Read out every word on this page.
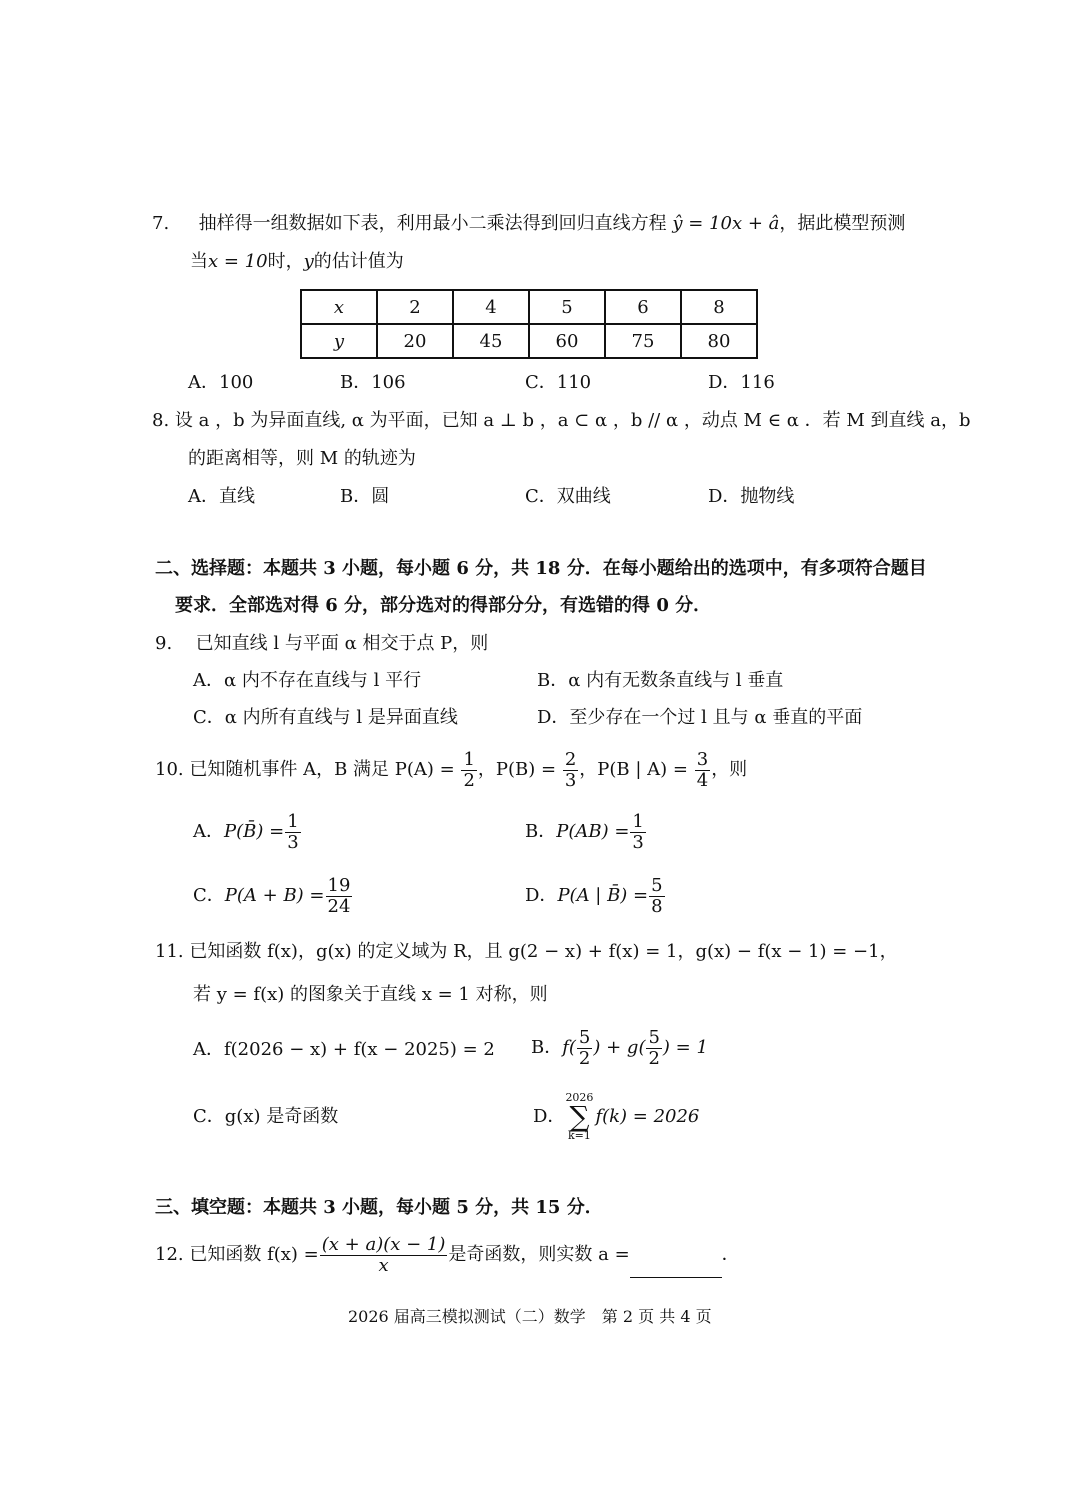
7. 抽样得一组数据如下表，利用最小二乘法得到回归直线方程 ŷ = 10x + â，据此模型预测
当x = 10时，y的估计值为
x	2	4	5	6	8
y	20	45	60	75	80
A．100	B．106	C．110	D．116
8. 设 a ，b 为异面直线, α 为平面，已知 a ⊥ b ，a ⊂ α ，b // α ，动点 M ∈ α ．若 M 到直线 a，b
的距离相等，则 M 的轨迹为
A．直线	B．圆	C．双曲线	D．抛物线
二、选择题：本题共 3 小题，每小题 6 分，共 18 分．在每小题给出的选项中，有多项符合题目
要求．全部选对得 6 分，部分选对的得部分分，有选错的得 0 分．
9. 已知直线 l 与平面 α 相交于点 P，则
A．α 内不存在直线与 l 平行	B．α 内有无数条直线与 l 垂直
C．α 内所有直线与 l 是异面直线	D．至少存在一个过 l 且与 α 垂直的平面
10. 已知随机事件 A，B 满足 $P(A) = \frac{1}{2}$ ，$P(B) = \frac{2}{3}$ ，P(B | $A) = \frac{3}{4}$ ，则
A．P(B̄) = $\frac{1}{3}$	B．$P(AB) = \frac{1}{3}$
C．$P(A + B) = \frac{19}{24}$	D．P(A | B̄) = $\frac{5}{8}$
11. 已知函数 f(x)，g(x) 的定义域为 R，且 g(2 − x) + f(x) = 1，g(x) − f(x − 1) = −1，
若 y = f(x) 的图象关于直线 x = 1 对称，则
A．f(2026 − x) + f(x − 2025) = 2 B．$f( \frac{5}{2}$ ) + $g( \frac{5}{2}$ ) = 1
C．g(x) 是奇函数	D．2026
∑
k=1f(k) = 2026
三、填空题：本题共 3 小题，每小题 5 分，共 15 分．
12. 已知函数 $f(x) = \frac{(x + a)(x - 1)}{x}$ 是奇函数，则实数 a =	．
2026 届高三模拟测试（二）数学　第 2 页 共 4 页
